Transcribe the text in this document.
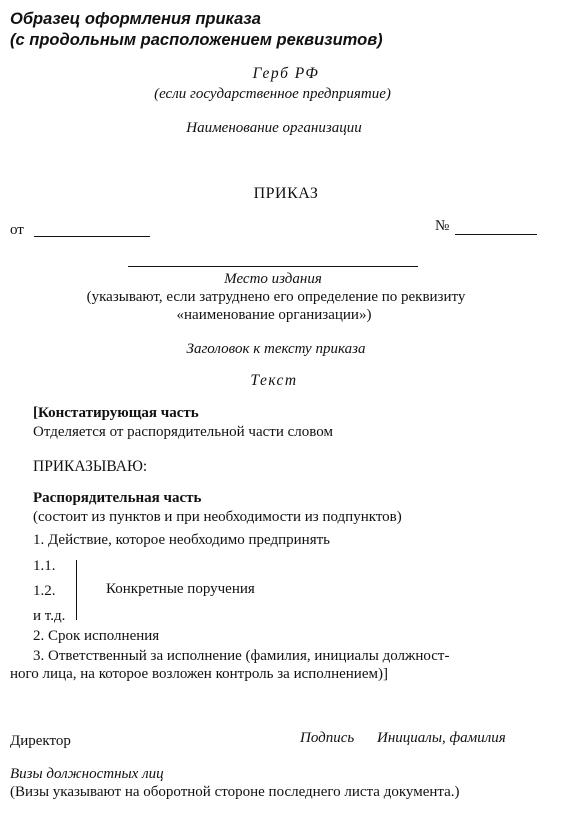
Образец оформления приказа
(с продольным расположением реквизитов)
Герб РФ
(если государственное предприятие)
Наименование организации
ПРИКАЗ
от	№
Место издания
(указывают, если затруднено его определение по реквизиту
«наименование организации»)
Заголовок к тексту приказа
Текст
[Констатирующая часть
Отделяется от распорядительной части словом
ПРИКАЗЫВАЮ:
Распорядительная часть
(состоит из пунктов и при необходимости из подпунктов)
1. Действие, которое необходимо предпринять
1.1.
1.2.
и т.д.
Конкретные поручения
2. Срок исполнения
3. Ответственный за исполнение (фамилия, инициалы должност-
ного лица, на которое возложен контроль за исполнением)]
Директор	Подпись Инициалы, фамилия
Визы должностных лиц
(Визы указывают на оборотной стороне последнего листа документа.)
